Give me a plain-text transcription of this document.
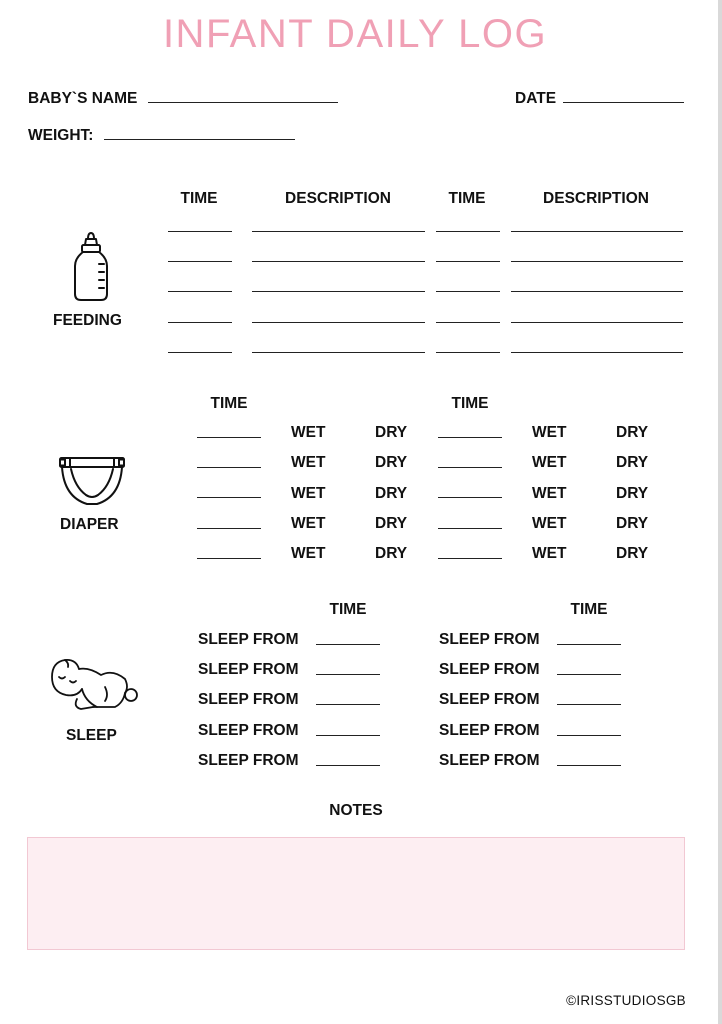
INFANT DAILY LOG
BABY`S NAME	DATE
WEIGHT:
TIME	DESCRIPTION	TIME	DESCRIPTION
FEEDING
TIME	TIME
DIAPER
WET	DRY	WET	DRY
WET	DRY	WET	DRY
WET	DRY	WET	DRY
WET	DRY	WET	DRY
WET	DRY	WET	DRY
TIME	TIME
SLEEP
SLEEP FROM	SLEEP FROM
SLEEP FROM	SLEEP FROM
SLEEP FROM	SLEEP FROM
SLEEP FROM	SLEEP FROM
SLEEP FROM	SLEEP FROM
NOTES
©IRISSTUDIOSGB
